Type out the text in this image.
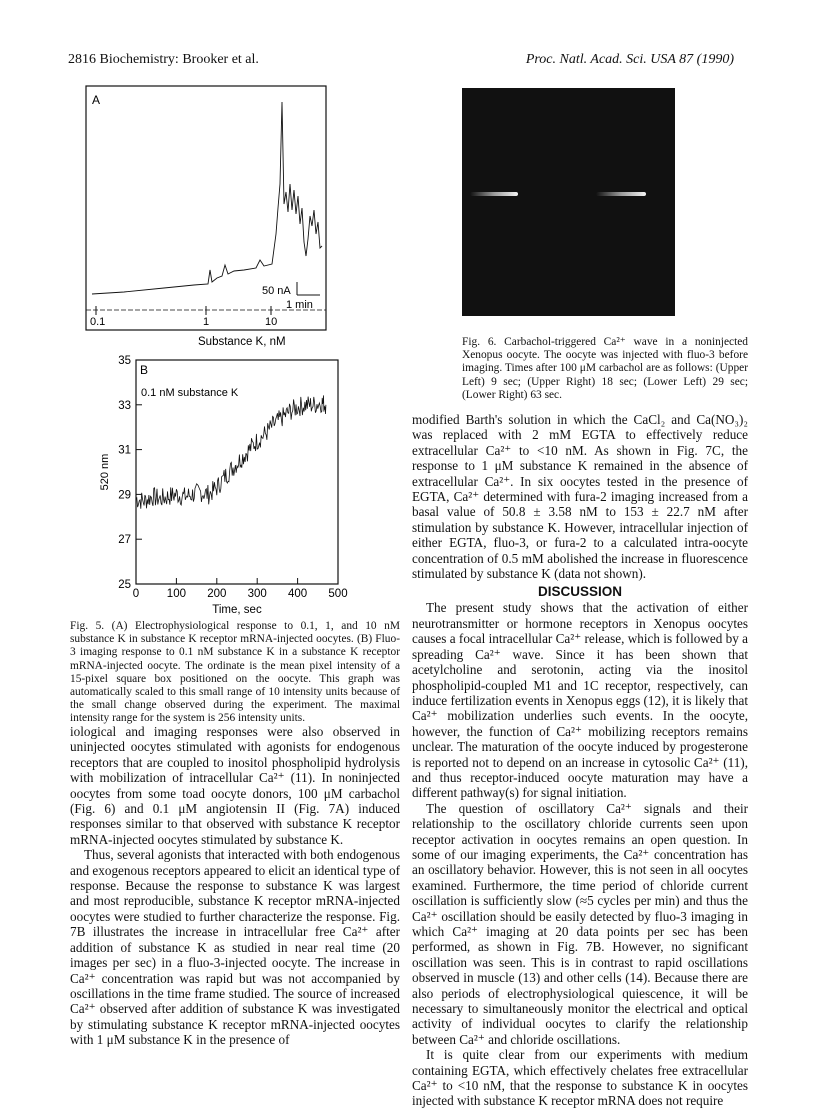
2816 Biochemistry: Brooker et al.	Proc. Natl. Acad. Sci. USA 87 (1990)
A
50 nA
1 min
0.1	1	10
Substance K, nM
25
27
29
31
33
35
0 100 200 300 400 500
B
0.1 nM substance K
Time, sec
520 nm

Fig. 6. Carbachol-triggered Ca²⁺ wave in a noninjected Xenopus oocyte. The oocyte was injected with fluo-3 before imaging. Times after 100 μM carbachol are as follows: (Upper Left) 9 sec; (Upper Right) 18 sec; (Lower Left) 29 sec; (Lower Right) 63 sec.

Fig. 5. (A) Electrophysiological response to 0.1, 1, and 10 nM substance K in substance K receptor mRNA-injected oocytes. (B) Fluo-3 imaging response to 0.1 nM substance K in a substance K receptor mRNA-injected oocyte. The ordinate is the mean pixel intensity of a 15-pixel square box positioned on the oocyte. This graph was automatically scaled to this small range of 10 intensity units because of the small change observed during the experiment. The maximal intensity range for the system is 256 intensity units.

iological and imaging responses were also observed in uninjected oocytes stimulated with agonists for endogenous receptors that are coupled to inositol phospholipid hydrolysis with mobilization of intracellular Ca²⁺ (11). In noninjected oocytes from some toad oocyte donors, 100 μM carbachol (Fig. 6) and 0.1 μM angiotensin II (Fig. 7A) induced responses similar to that observed with substance K receptor mRNA-injected oocytes stimulated by substance K.

Thus, several agonists that interacted with both endogenous and exogenous receptors appeared to elicit an identical type of response. Because the response to substance K was largest and most reproducible, substance K receptor mRNA-injected oocytes were studied to further characterize the response. Fig. 7B illustrates the increase in intracellular free Ca²⁺ after addition of substance K as studied in near real time (20 images per sec) in a fluo-3-injected oocyte. The increase in Ca²⁺ concentration was rapid but was not accompanied by oscillations in the time frame studied. The source of increased Ca²⁺ observed after addition of substance K was investigated by stimulating substance K receptor mRNA-injected oocytes with 1 μM substance K in the presence of

modified Barth's solution in which the CaCl₂ and Ca(NO₃)₂ was replaced with 2 mM EGTA to effectively reduce extracellular Ca²⁺ to <10 nM. As shown in Fig. 7C, the response to 1 μM substance K remained in the absence of extracellular Ca²⁺. In six oocytes tested in the presence of EGTA, Ca²⁺ determined with fura-2 imaging increased from a basal value of 50.8 ± 3.58 nM to 153 ± 22.7 nM after stimulation by substance K. However, intracellular injection of either EGTA, fluo-3, or fura-2 to a calculated intra-oocyte concentration of 0.5 mM abolished the increase in fluorescence stimulated by substance K (data not shown).

DISCUSSION

The present study shows that the activation of either neurotransmitter or hormone receptors in Xenopus oocytes causes a focal intracellular Ca²⁺ release, which is followed by a spreading Ca²⁺ wave. Since it has been shown that acetylcholine and serotonin, acting via the inositol phospholipid-coupled M1 and 1C receptor, respectively, can induce fertilization events in Xenopus eggs (12), it is likely that Ca²⁺ mobilization underlies such events. In the oocyte, however, the function of Ca²⁺ mobilizing receptors remains unclear. The maturation of the oocyte induced by progesterone is reported not to depend on an increase in cytosolic Ca²⁺ (11), and thus receptor-induced oocyte maturation may have a different pathway(s) for signal initiation.

The question of oscillatory Ca²⁺ signals and their relationship to the oscillatory chloride currents seen upon receptor activation in oocytes remains an open question. In some of our imaging experiments, the Ca²⁺ concentration has an oscillatory behavior. However, this is not seen in all oocytes examined. Furthermore, the time period of chloride current oscillation is sufficiently slow (≈5 cycles per min) and thus the Ca²⁺ oscillation should be easily detected by fluo-3 imaging in which Ca²⁺ imaging at 20 data points per sec has been performed, as shown in Fig. 7B. However, no significant oscillation was seen. This is in contrast to rapid oscillations observed in muscle (13) and other cells (14). Because there are also periods of electrophysiological quiescence, it will be necessary to simultaneously monitor the electrical and optical activity of individual oocytes to clarify the relationship between Ca²⁺ and chloride oscillations.

It is quite clear from our experiments with medium containing EGTA, which effectively chelates free extracellular Ca²⁺ to <10 nM, that the response to substance K in oocytes injected with substance K receptor mRNA does not require
